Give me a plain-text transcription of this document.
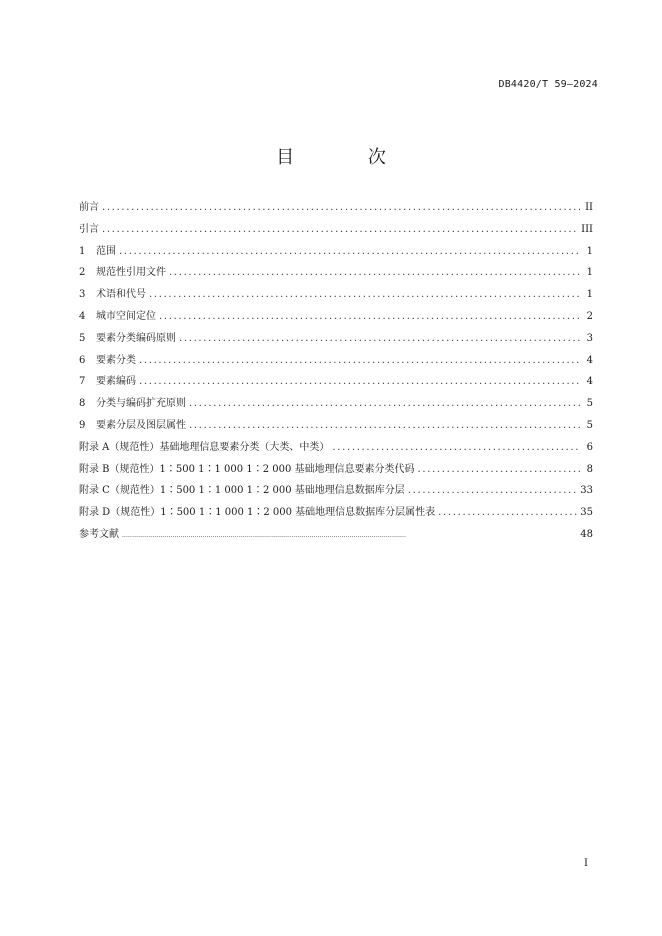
DB4420/T 59—2024
目 次
前言 . . .	II
引言 . . .	III
1	范围 . . .	1
2	规范性引用文件 . . .	1
3	术语和代号 . . .	1
4	城市空间定位 . . .	2
5	要素分类编码原则 . . .	3
6	要素分类 . . .	4
7	要素编码 . . .	4
8	分类与编码扩充原则 . . .	5
9	要素分层及图层属性 . . .	5
附录 A（规范性） 基础地理信息要素分类（大类、中类） . . .	6
附录 B（规范性） 1∶500 1∶1 000 1∶2 000 基础地理信息要素分类代码 . . .	8
附录 C（规范性） 1∶500 1∶1 000 1∶2 000 基础地理信息数据库分层 . . .	33
附录 D（规范性） 1∶500 1∶1 000 1∶2 000 基础地理信息数据库分层属性表 . . .	35
参考文献 . . .	48
I
